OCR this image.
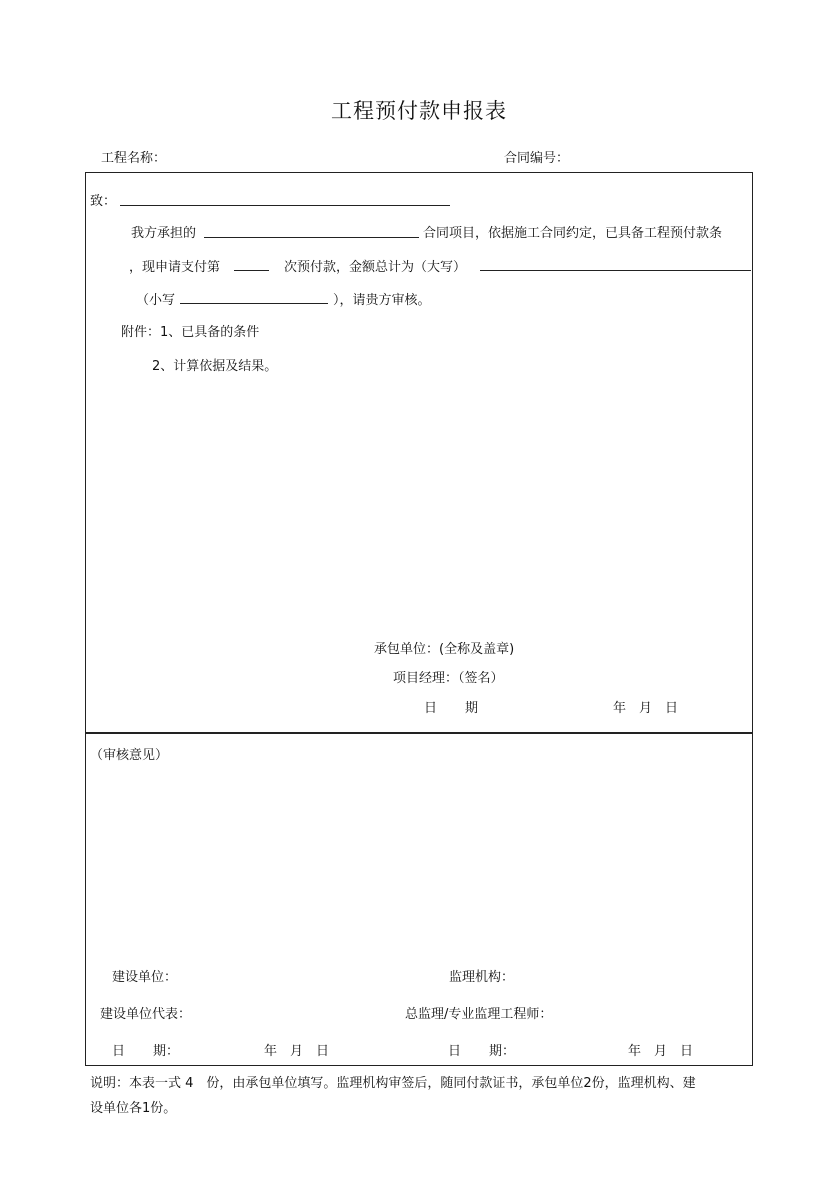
工程预付款申报表
工程名称：	合同编号：
致：
我方承担的	合同项目，依据施工合同约定，已具备工程预付款条
，现申请支付第	次预付款，金额总计为（大写）
（小写	），请贵方审核。
附件：1、已具备的条件
2、计算依据及结果。
承包单位：(全称及盖章)
项目经理：（签名）
日 期	年　月　日
（审核意见）
建设单位：	监理机构：
建设单位代表：	总监理/专业监理工程师：
日 期：	年　月　日	日 期：	年　月　日
说明：本表一式 4　份，由承包单位填写。监理机构审签后，随同付款证书，承包单位2份，监理机构、建
设单位各1份。
